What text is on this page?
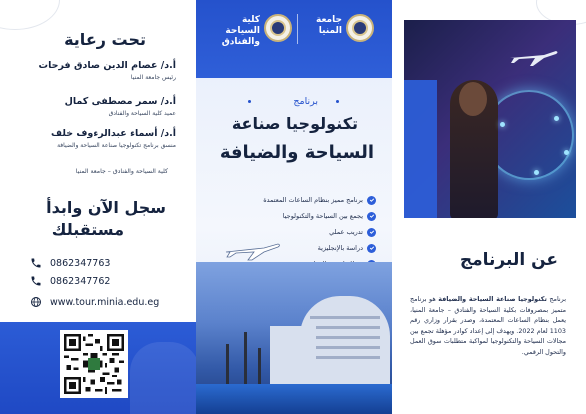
تحت رعاية
أ.د/ عصام الدين صادق فرحات
رئيس جامعة المنيا
أ.د/ سمر مصطفى كمال
عميد كلية السياحة والفنادق
أ.د/ أسماء عبدالرءوف خلف
منسق برنامج تكنولوجيا صناعة السياحة والضيافة
كلية السياحة والفنادق – جامعة المنيا
سجل الآن وابدأ
مستقبلك
0862347763
0862347762
www.tour.minia.edu.eg
كلية السياحة والفنادق
جامعة المنيا
برنامج
تكنولوجيا صناعة
السياحة والضيافة
برنامج مميز بنظام الساعات المعتمدة
يجمع بين السياحة والتكنولوجيا
تدريب عملي
دراسة بالإنجليزية
عن البرنامج
برنامج تكنولوجيا صناعة السياحة والضيافة هو برنامج متميز بمصروفات بكلية السياحة والفنادق – جامعة المنيا، يعمل بنظام الساعات المعتمدة، وصدر بقرار وزاري رقم 1103 لعام 2022. ويهدف إلى إعداد كوادر مؤهلة تجمع بين مجالات السياحة والتكنولوجيا لمواكبة متطلبات سوق العمل والتحول الرقمي.
